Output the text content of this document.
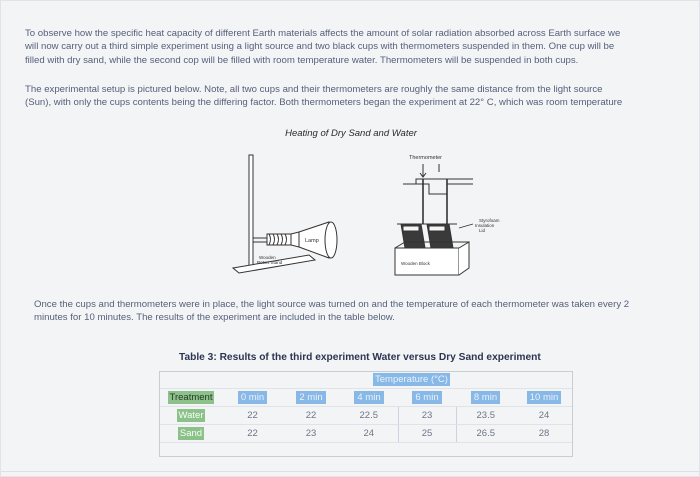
To observe how the specific heat capacity of different Earth materials affects the amount of solar radiation absorbed across Earth surface we
will now carry out a third simple experiment using a light source and two black cups with thermometers suspended in them. One cup will be
filled with dry sand, while the second cop will be filled with room temperature water. Thermometers will be suspended in both cups.
The experimental setup is pictured below. Note, all two cups and their thermometers are roughly the same distance from the light source
(Sun), with only the cups contents being the differing factor. Both thermometers began the experiment at 22° C, which was room temperature
Heating of Dry Sand and Water
Lamp
Wooden Retort Stand
Thermometer
Wooden Block
Styrofoam Insulation Lid
Once the cups and thermometers were in place, the light source was turned on and the temperature of each thermometer was taken every 2
minutes for 10 minutes. The results of the experiment are included in the table below.
Table 3: Results of the third experiment Water versus Dry Sand experiment
Temperature (°C)						
Treatment	0 min	2 min	4 min	6 min	8 min	10 min
Water	22	22	22.5	23	23.5	24
Sand	22	23	24	25	26.5	28
